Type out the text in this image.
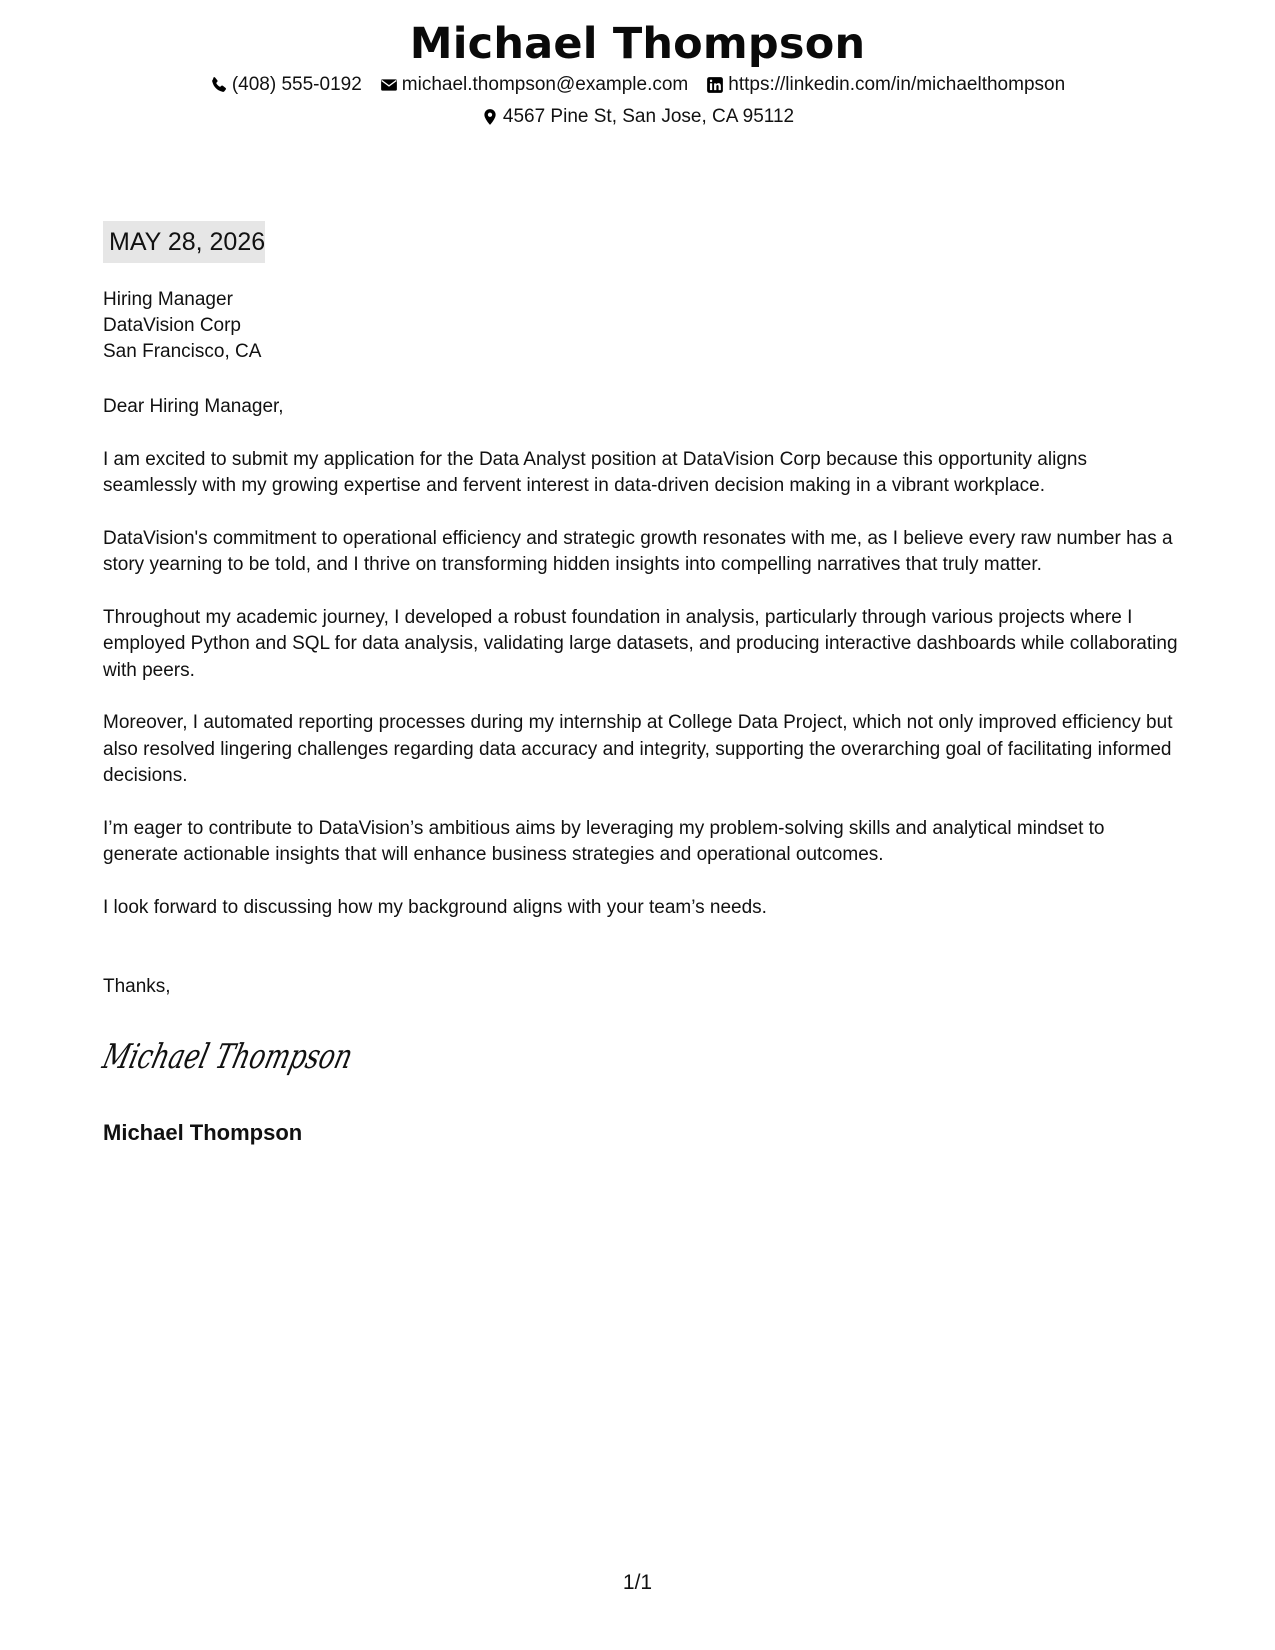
Michael Thompson
(408) 555-0192 michael.thompson@example.com https://linkedin.com/in/michaelthompson
4567 Pine St, San Jose, CA 95112
MAY 28, 2026
Hiring Manager
DataVision Corp
San Francisco, CA

Dear Hiring Manager,

I am excited to submit my application for the Data Analyst position at DataVision Corp because this opportunity aligns seamlessly with my growing expertise and fervent interest in data-driven decision making in a vibrant workplace.

DataVision's commitment to operational efficiency and strategic growth resonates with me, as I believe every raw number has a story yearning to be told, and I thrive on transforming hidden insights into compelling narratives that truly matter.

Throughout my academic journey, I developed a robust foundation in analysis, particularly through various projects where I employed Python and SQL for data analysis, validating large datasets, and producing interactive dashboards while collaborating with peers.

Moreover, I automated reporting processes during my internship at College Data Project, which not only improved efficiency but also resolved lingering challenges regarding data accuracy and integrity, supporting the overarching goal of facilitating informed decisions.

I’m eager to contribute to DataVision’s ambitious aims by leveraging my problem-solving skills and analytical mindset to generate actionable insights that will enhance business strategies and operational outcomes.

I look forward to discussing how my background aligns with your team’s needs.

Thanks,
Michael Thompson
Michael Thompson
1/1
